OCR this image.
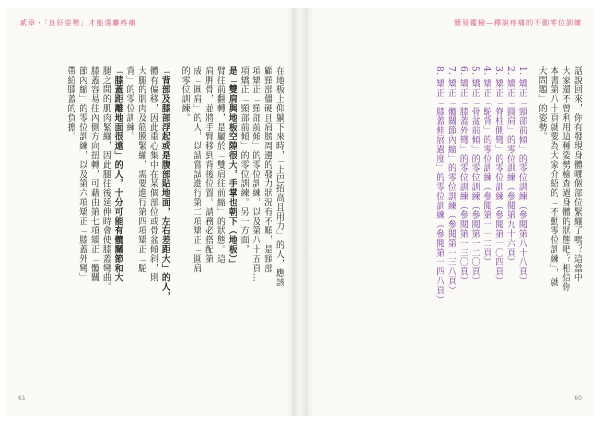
貳章・「良好姿勢」才能遠離疼痛
在地板上仰躺下來時，「上巴抬高且用力」的人，應該
顧頸部僵硬且肩膀周邊的發力狀況有不順，是頸部
項矯正「頸部前傾」的零位訓練，以及第八十五頁…
項矯正「頸部前傾」的零位訓練。另一方面，
是「雙肩與地板空隙很大，手掌也朝下（地板）」
臂往前翻轉，是屬於「雙肩往前縮」的狀態。這
肩胛骨，並將手臂移到背後位置。請務必搭配第
成「圓肩」的人，以請嘗試進行第二項矯正「圓肩
的零位訓練。
「背部及膝部浮起或是腹部貼地面，左右差距大」的人，
體有偏移，因此重心集中在某個部位或骨盆傾斜，則
大腿的肌肉及筋膜緊繃，需要進行第四項矯正「駝
背」的零位訓練。
「膝蓋距離地面很遠」的人，十分可能有髖關節和大
腿之間的肌肉緊繃，因此腿往後延伸時會使膝蓋彎曲。
膝蓋容易往內側方向扭轉，可藉由第七項矯正「髖關
節內縮」的零位訓練，以及第六項矯正「膝蓋外彎」
帶給膝蓋的負擔。
61
簡易鑑檢—釋說疼痛的不動零位訓練
話說回來，你有發現身體哪個部位緊繃了嗎？這當中
大家還不曾利用這種姿勢檢查過身體的狀態吧？相信你
本書第八十頁就要為大家介紹的「不動零位訓練」，就
大問題」的姿勢。
1. 矯正「頸部前傾」的零位訓練（參閱第八十八頁）
2. 矯正「圓肩」的零位訓練（參閱第九十六頁）
3. 矯正「脊柱側彎」的零位訓練（參閱第一〇四頁）
4. 矯正「駝背」的零位訓練（參閱第一一二頁）
5. 矯正「骨盆前傾」的零位訓練（參閱第一二〇頁）
6. 矯正「膝蓋外彎」的零位訓練（參閱第一三〇頁）
7. 矯正「髖關節內縮」的零位訓練（參閱第一三八頁）
8. 矯正「膝蓋伸展過度」的零位訓練（參閱第一四八頁）
60
